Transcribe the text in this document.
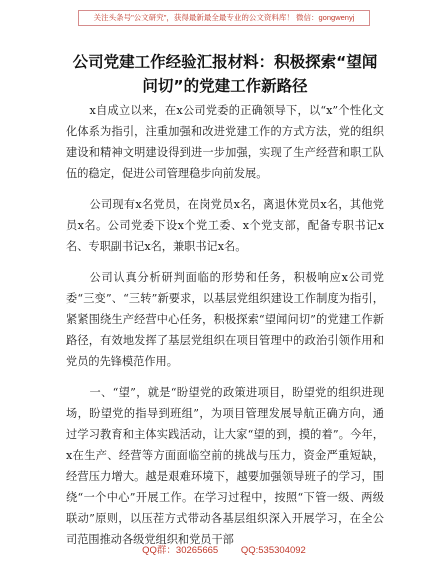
关注头条号"公文研究"，获得最新最全最专业的公文资料库！ 微信：gongwenyj
公司党建工作经验汇报材料：积极探索“望闻问切”的党建工作新路径

x自成立以来，在x公司党委的正确领导下，以“x”个性化文化体系为指引，注重加强和改进党建工作的方式方法，党的组织建设和精神文明建设得到进一步加强，实现了生产经营和职工队伍的稳定，促进公司管理稳步向前发展。

公司现有x名党员，在岗党员x名，离退休党员x名，其他党员x名。公司党委下设x个党工委、x个党支部，配备专职书记x名、专职副书记x名，兼职书记x名。

公司认真分析研判面临的形势和任务，积极响应x公司党委“三变”、“三转”新要求，以基层党组织建设工作制度为指引，紧紧围绕生产经营中心任务，积极探索“望闻问切”的党建工作新路径，有效地发挥了基层党组织在项目管理中的政治引领作用和党员的先锋模范作用。

一、“望”，就是“盼望党的政策进项目，盼望党的组织进现场，盼望党的指导到班组”，为项目管理发展导航正确方向，通过学习教育和主体实践活动，让大家“望的到，摸的着”。今年，x在生产、经营等方面面临空前的挑战与压力，资金严重短缺，经营压力增大。越是艰难环境下，越要加强领导班子的学习，围绕“一个中心”开展工作。在学习过程中，按照“下管一级、两级联动”原则，以压茬方式带动各基层组织深入开展学习，在全公司范围推动各级党组织和党员干部

QQ群：30265665 QQ:535304092
